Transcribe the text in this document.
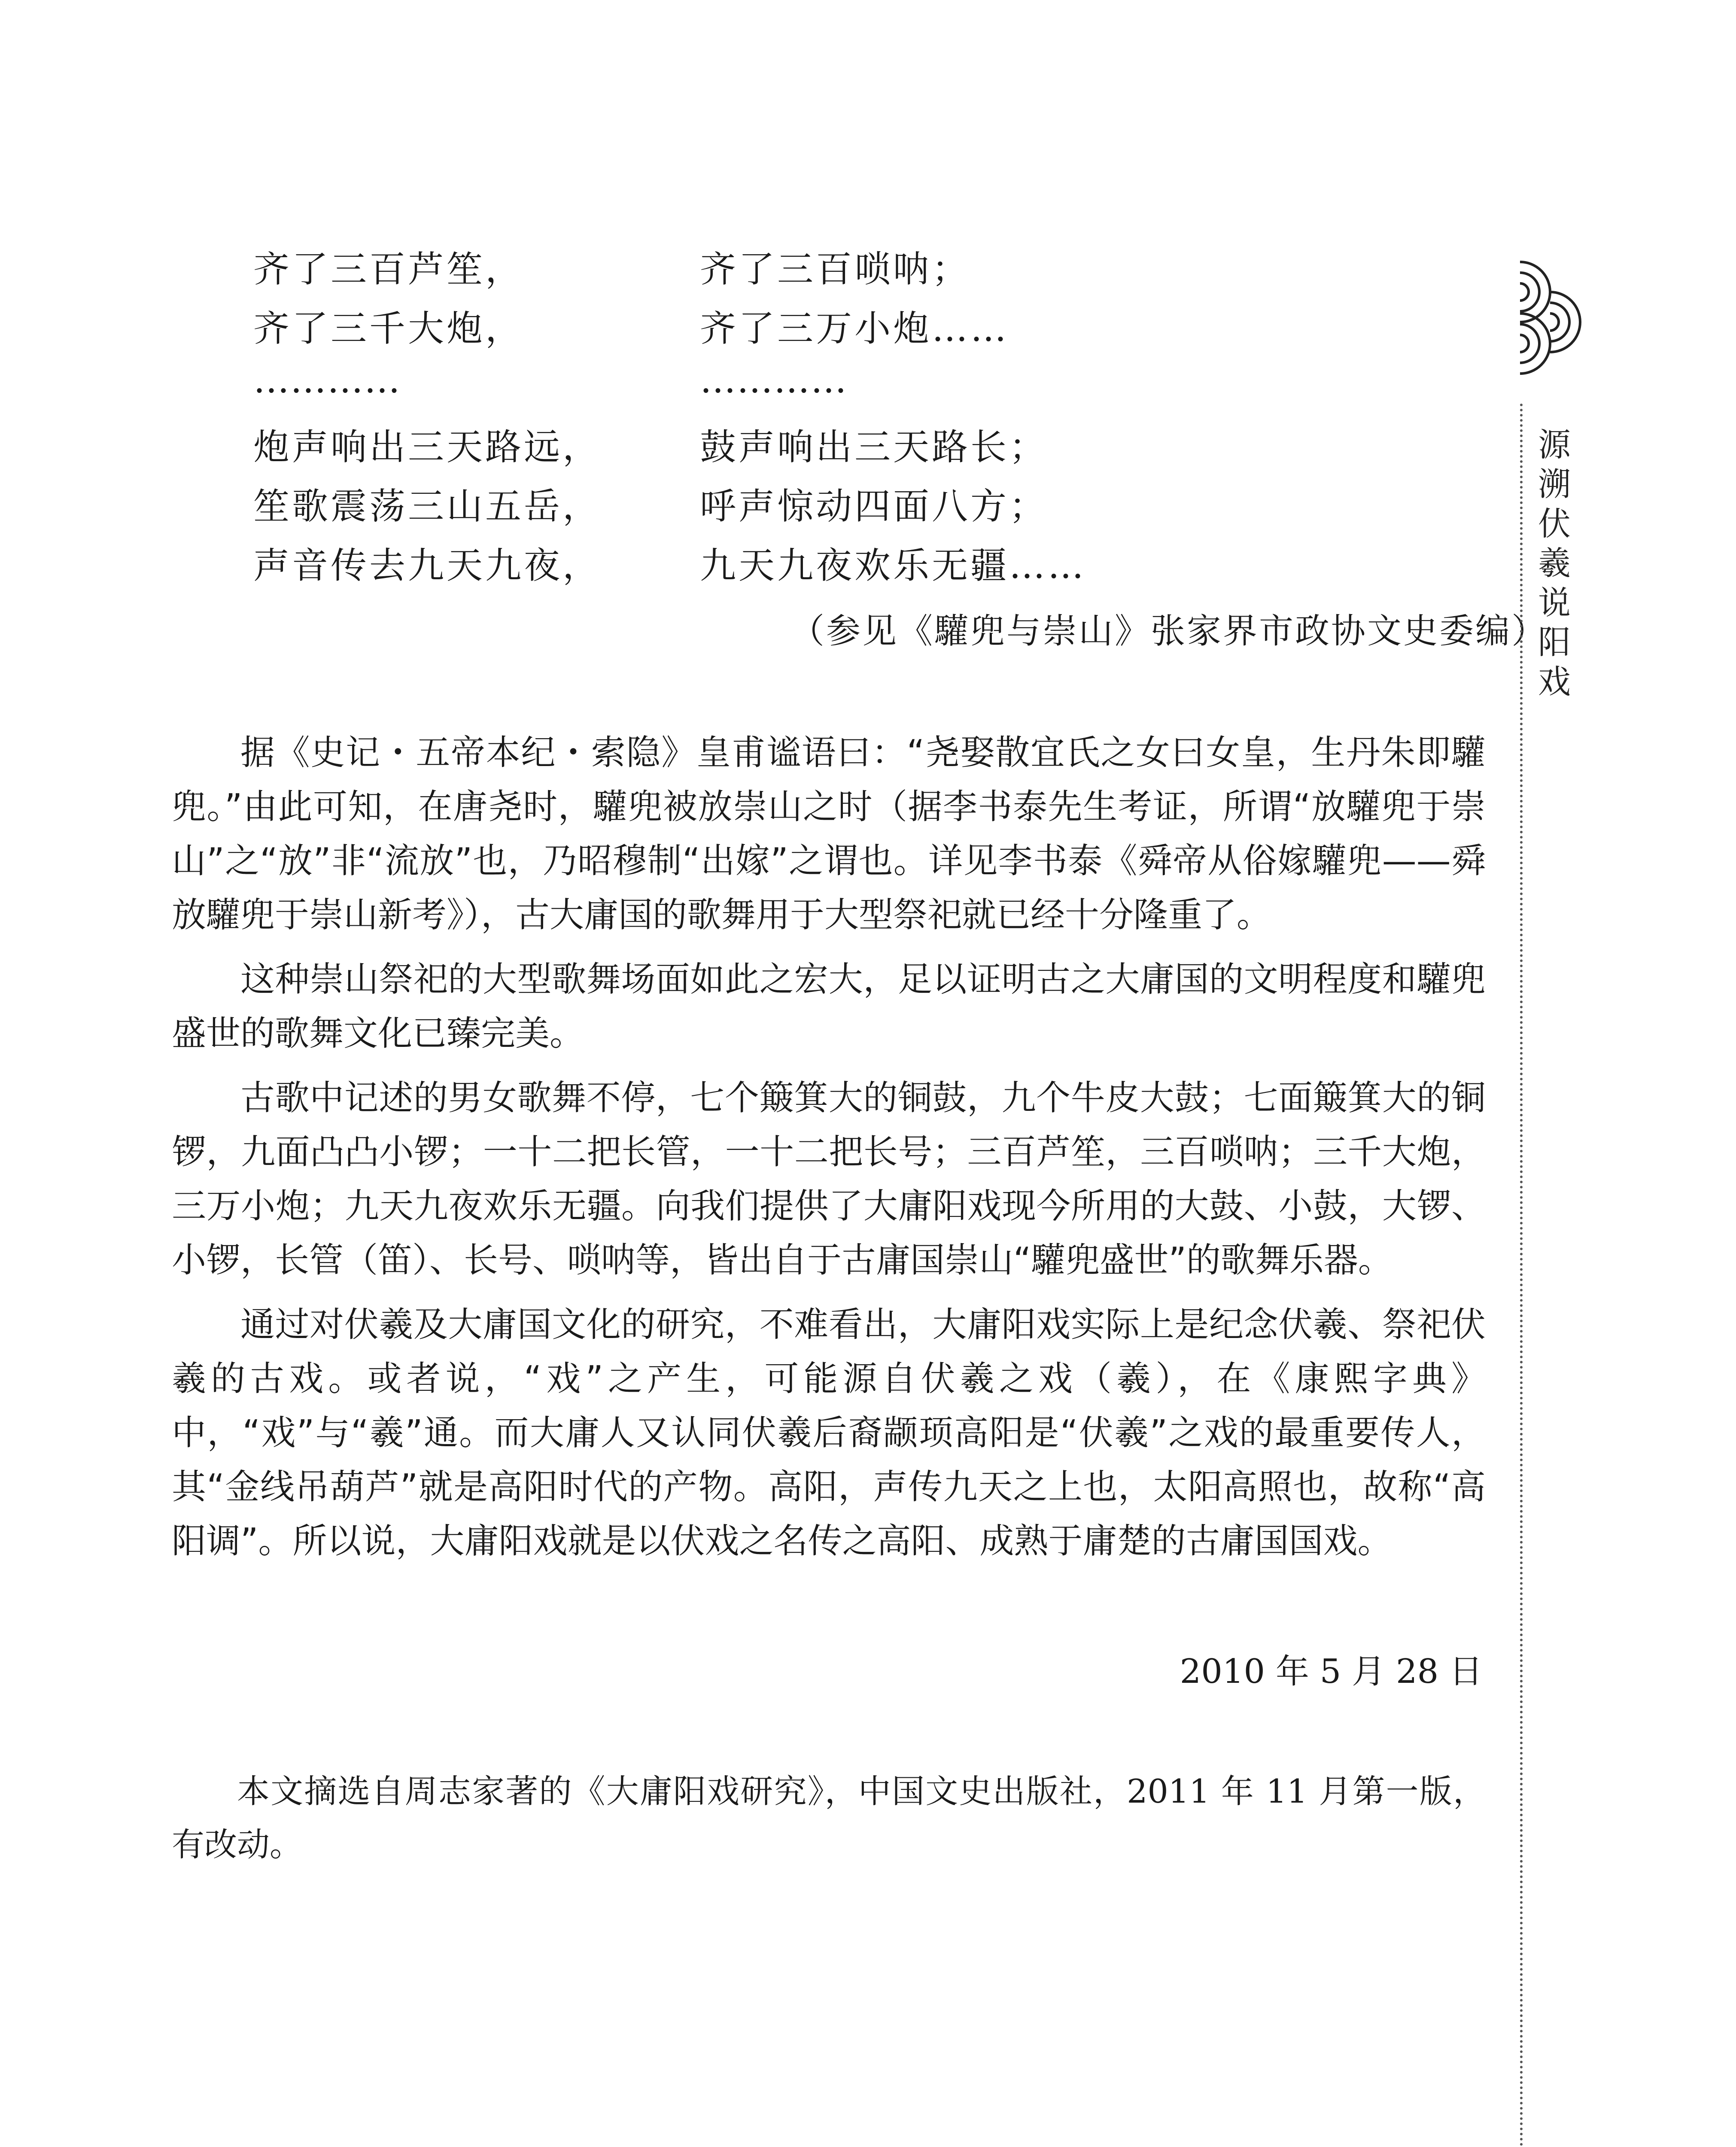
齐了三百芦笙，	齐了三百唢呐；
齐了三千大炮，	齐了三万小炮……
…………	…………
炮声响出三天路远，	鼓声响出三天路长；
笙歌震荡三山五岳，	呼声惊动四面八方；
声音传去九天九夜，	九天九夜欢乐无疆……
（参见《驩兜与崇山》张家界市政协文史委编）

据《史记・五帝本纪・索隐》皇甫谧语曰：“尧娶散宜氏之女曰女皇，生丹朱即驩兜。”由此可知，在唐尧时，驩兜被放崇山之时（据李书泰先生考证，所谓“放驩兜于崇山”之“放”非“流放”也，乃昭穆制“出嫁”之谓也。详见李书泰《舜帝从俗嫁驩兜——舜放驩兜于崇山新考》），古大庸国的歌舞用于大型祭祀就已经十分隆重了。

这种崇山祭祀的大型歌舞场面如此之宏大，足以证明古之大庸国的文明程度和驩兜盛世的歌舞文化已臻完美。

古歌中记述的男女歌舞不停，七个簸箕大的铜鼓，九个牛皮大鼓；七面簸箕大的铜锣，九面凸凸小锣；一十二把长管，一十二把长号；三百芦笙，三百唢呐；三千大炮，三万小炮；九天九夜欢乐无疆。向我们提供了大庸阳戏现今所用的大鼓、小鼓，大锣、小锣，长管（笛）、长号、唢呐等，皆出自于古庸国崇山“驩兜盛世”的歌舞乐器。

通过对伏羲及大庸国文化的研究，不难看出，大庸阳戏实际上是纪念伏羲、祭祀伏羲的古戏。或者说，“戏”之产生，可能源自伏羲之戏（羲），在《康熙字典》中，“戏”与“羲”通。而大庸人又认同伏羲后裔颛顼高阳是“伏羲”之戏的最重要传人，其“金线吊葫芦”就是高阳时代的产物。高阳，声传九天之上也，太阳高照也，故称“高阳调”。所以说，大庸阳戏就是以伏戏之名传之高阳、成熟于庸楚的古庸国国戏。

2010 年 5 月 28 日
本文摘选自周志家著的《大庸阳戏研究》，中国文史出版社，2011 年 11 月第一版，有改动。
源
溯
伏
羲
说
阳
戏
